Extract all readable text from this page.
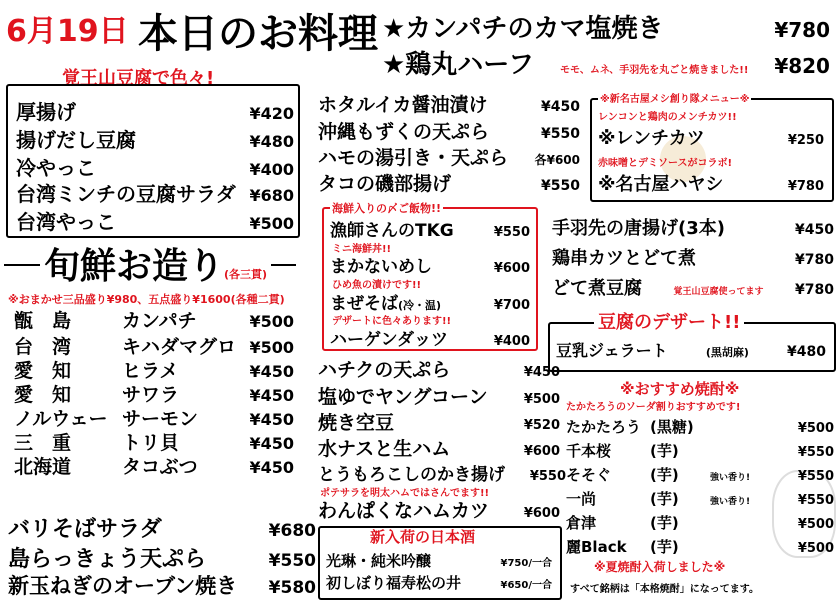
6月19日 本日のお料理 ★カンパチのカマ塩焼き	¥780
★鶏丸ハーフ	モモ、ムネ、手羽先を丸ごと焼きました!! ¥820
覚王山豆腐で色々!
厚揚げ	¥420
揚げだし豆腐	¥480
冷やっこ	¥400
台湾ミンチの豆腐サラダ ¥680
台湾やっこ	¥500
旬鮮お造り(各三貫)
※おまかせ三品盛り¥980、五点盛り¥1600(各種二貫)
甑　島	カンパチ	¥500
台　湾	キハダマグロ ¥500
愛　知	ヒラメ	¥450
愛　知	サワラ	¥450
ノルウェー サーモン	¥450
三　重	トリ貝	¥450
北海道	タコぶつ	¥450
バリそばサラダ	¥680
島らっきょう天ぷら	¥550
新玉ねぎのオーブン焼き ¥580
ホタルイカ醤油漬け	¥450
沖縄もずくの天ぷら	¥550
ハモの湯引き・天ぷら 各¥600
タコの磯部揚げ	¥550
海鮮入りの〆ご飯物!!
漁師さんのTKG	¥550
ミニ海鮮丼!!
まかないめし	¥600
ひめ魚の漬けです!!
まぜそば(冷・温)	¥700
デザートに色々あります!!
ハーゲンダッツ	¥400
ハチクの天ぷら	¥450
塩ゆでヤングコーン	¥500
焼き空豆	¥520
水ナスと生ハム	¥600
とうもろこしのかき揚げ ¥550
ポテサラを明太ハムではさんでます!!
わんぱくなハムカツ	¥600
新入荷の日本酒
光琳・純米吟醸	¥750/一合
初しぼり福寿松の井	¥650/一合
※新名古屋メシ創り隊メニュー※
レンコンと鶏肉のメンチカツ!!
※レンチカツ	¥250
赤味噌とデミソースがコラボ!
※名古屋ハヤシ	¥780
手羽先の唐揚げ(3本)	¥450
鶏串カツとどて煮	¥780
どて煮豆腐	覚王山豆腐使ってます ¥780
豆腐のデザート!!
豆乳ジェラート	(黒胡麻)	¥480
※おすすめ焼酎※
たかたろうのソーダ割りおすすめです!
たかたろう (黒糖)	¥500
千本桜	(芋)	¥550
そそぐ	(芋)	強い香り!	¥550
一尚	(芋)	強い香り!	¥550
倉津	(芋)	¥500
麗Black	(芋)	¥500
※夏焼酎入荷しました※
すべて銘柄は「本格焼酎」になってます。
